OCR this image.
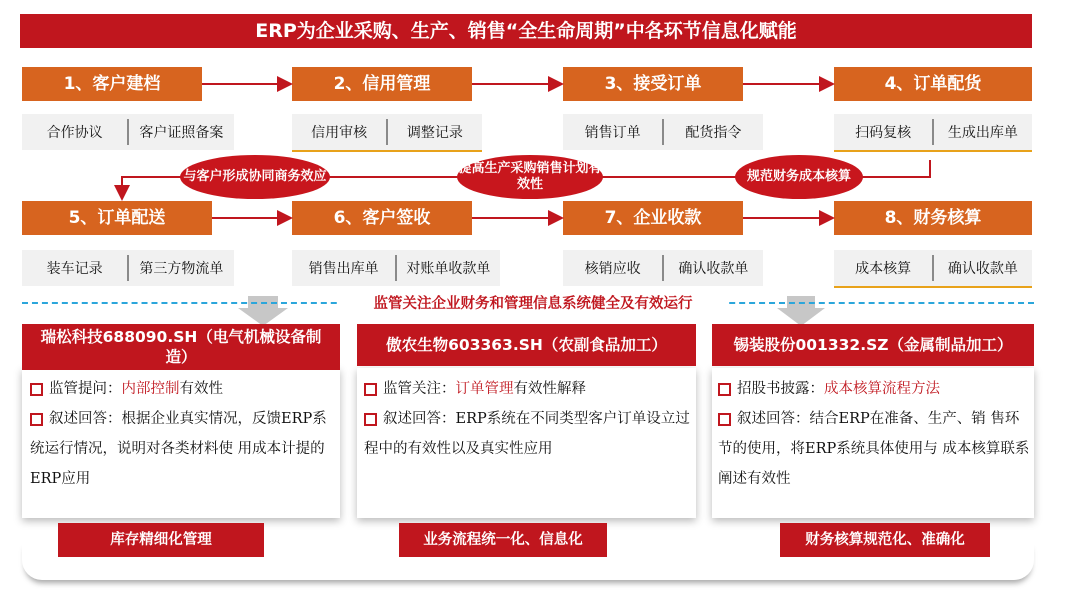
ERP为企业采购、生产、销售“全生命周期”中各环节信息化赋能
1、客户建档	2、信用管理	3、接受订单	4、订单配货
合作协议	客户证照备案	信用审核	调整记录	销售订单	配货指令	扫码复核	生成出库单
5、订单配送	6、客户签收	7、企业收款	8、财务核算
装车记录	第三方物流单	销售出库单	对账单收款单	核销应收	确认收款单	成本核算	确认收款单
与客户形成协同商务效应
提高生产采购销售计划有效性
规范财务成本核算
监管关注企业财务和管理信息系统健全及有效运行
瑞松科技688090.SH（电气机械设备制造）
监管提问：内部控制有效性
叙述回答：根据企业真实情况，反馈ERP系统运行情况，说明对各类材料使 用成本计提的ERP应用
库存精细化管理
傲农生物603363.SH（农副食品加工）
监管关注：订单管理有效性解释
叙述回答：ERP系统在不同类型客户订单设立过程中的有效性以及真实性应用
业务流程统一化、信息化
锡装股份001332.SZ（金属制品加工）
招股书披露：成本核算流程方法
叙述回答：结合ERP在准备、生产、销 售环节的使用，将ERP系统具体使用与 成本核算联系阐述有效性
财务核算规范化、准确化
